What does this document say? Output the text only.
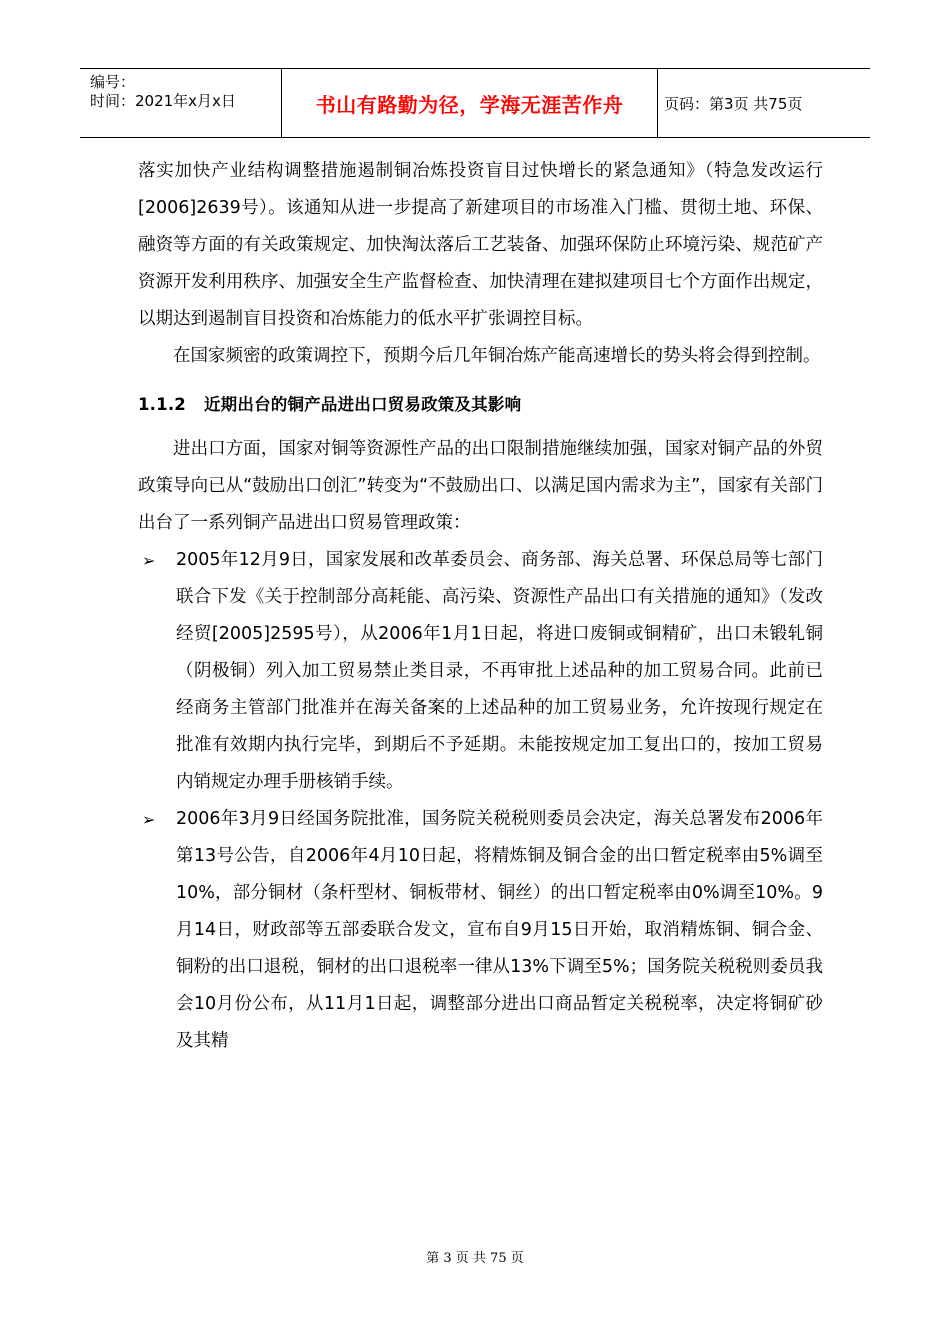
编号：
时间：2021年x月x日	书山有路勤为径，学海无涯苦作舟	页码：第3页 共75页

落实加快产业结构调整措施遏制铜冶炼投资盲目过快增长的紧急通知》（特急发改运行[2006]2639号）。该通知从进一步提高了新建项目的市场准入门槛、贯彻土地、环保、融资等方面的有关政策规定、加快淘汰落后工艺装备、加强环保防止环境污染、规范矿产资源开发利用秩序、加强安全生产监督检查、加快清理在建拟建项目七个方面作出规定，以期达到遏制盲目投资和冶炼能力的低水平扩张调控目标。

在国家频密的政策调控下，预期今后几年铜冶炼产能高速增长的势头将会得到控制。

1.1.2 近期出台的铜产品进出口贸易政策及其影响

进出口方面，国家对铜等资源性产品的出口限制措施继续加强，国家对铜产品的外贸政策导向已从“鼓励出口创汇”转变为“不鼓励出口、以满足国内需求为主”，国家有关部门出台了一系列铜产品进出口贸易管理政策：

➢ 2005年12月9日，国家发展和改革委员会、商务部、海关总署、环保总局等七部门联合下发《关于控制部分高耗能、高污染、资源性产品出口有关措施的通知》（发改经贸[2005]2595号），从2006年1月1日起，将进口废铜或铜精矿，出口未锻轧铜（阴极铜）列入加工贸易禁止类目录，不再审批上述品种的加工贸易合同。此前已经商务主管部门批准并在海关备案的上述品种的加工贸易业务，允许按现行规定在批准有效期内执行完毕，到期后不予延期。未能按规定加工复出口的，按加工贸易内销规定办理手册核销手续。

➢ 2006年3月9日经国务院批准，国务院关税税则委员会决定，海关总署发布2006年第13号公告，自2006年4月10日起，将精炼铜及铜合金的出口暂定税率由5%调至10%，部分铜材（条杆型材、铜板带材、铜丝）的出口暂定税率由0%调至10%。9月14日，财政部等五部委联合发文，宣布自9月15日开始，取消精炼铜、铜合金、铜粉的出口退税，铜材的出口退税率一律从13%下调至5%；国务院关税税则委员我会10月份公布，从11月1日起，调整部分进出口商品暂定关税税率，决定将铜矿砂及其精

第 3 页 共 75 页
